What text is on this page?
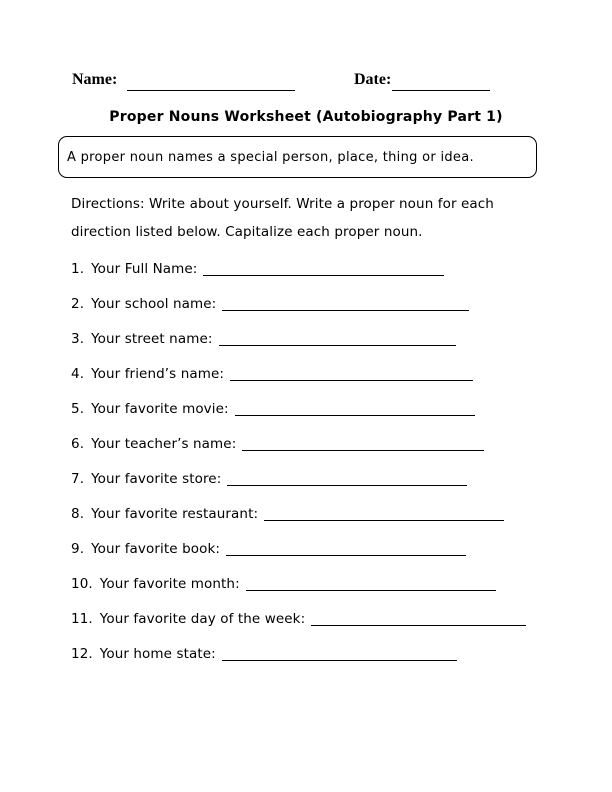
Name:	Date:
Proper Nouns Worksheet (Autobiography Part 1)
A proper noun names a special person, place, thing or idea.
Directions: Write about yourself. Write a proper noun for each
direction listed below. Capitalize each proper noun.
1. Your Full Name:
2. Your school name:
3. Your street name:
4. Your friend’s name:
5. Your favorite movie:
6. Your teacher’s name:
7. Your favorite store:
8. Your favorite restaurant:
9. Your favorite book:
10. Your favorite month:
11. Your favorite day of the week:
12. Your home state:
